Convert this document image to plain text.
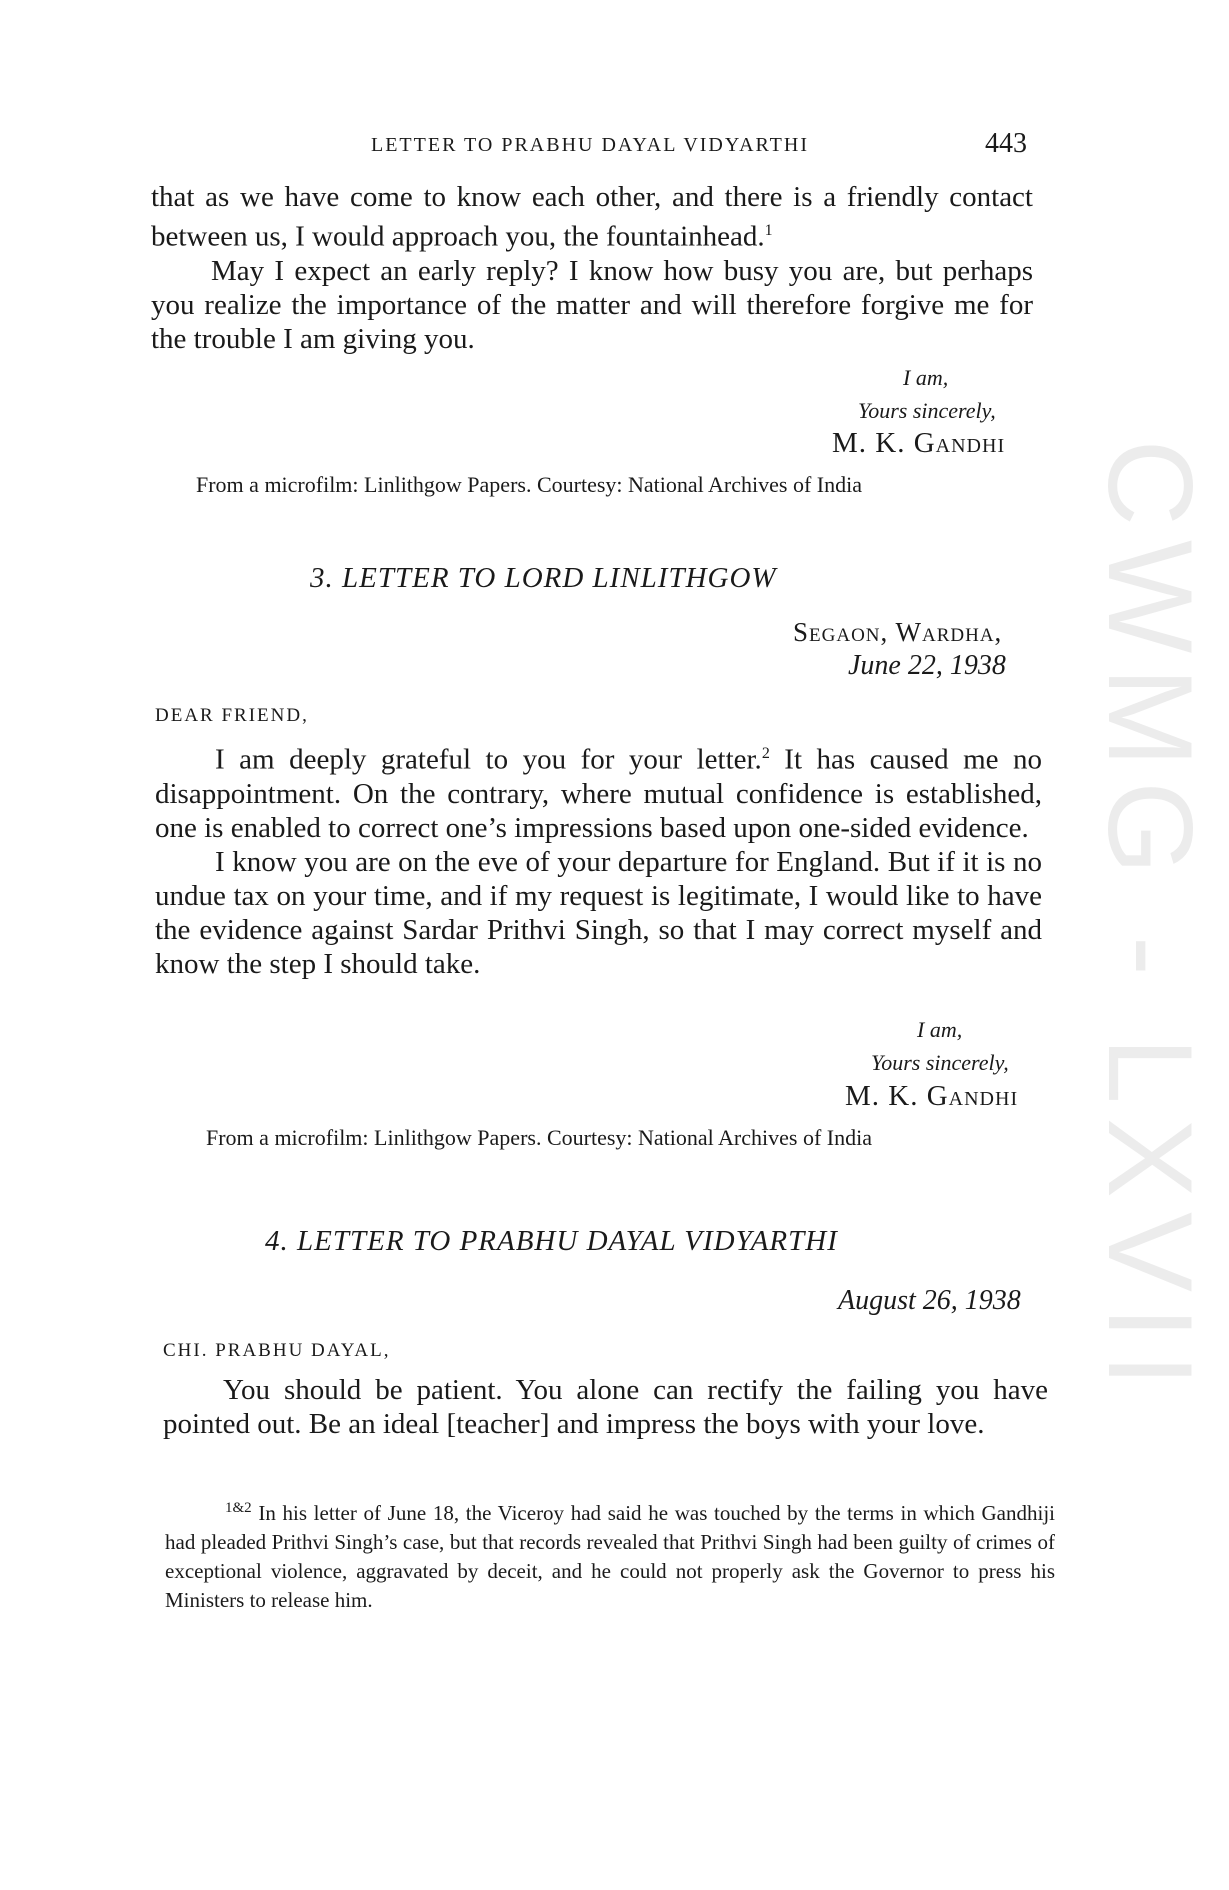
CWMG - LXVII
LETTER TO PRABHU DAYAL VIDYARTHI	443

that as we have come to know each other, and there is a friendly contact between us, I would approach you, the fountainhead.$^1$

May I expect an early reply? I know how busy you are, but perhaps you realize the importance of the matter and will therefore forgive me for the trouble I am giving you.

I am,
Yours sincerely,
M. K. Gandhi
From a microfilm: Linlithgow Papers. Courtesy: National Archives of India
3. LETTER TO LORD LINLITHGOW
Segaon, Wardha,
June 22, 1938
DEAR FRIEND,

I am deeply grateful to you for your letter.$^2$ It has caused me no disappointment. On the contrary, where mutual confidence is established, one is enabled to correct one’s impressions based upon one-sided evidence.

I know you are on the eve of your departure for England. But if it is no undue tax on your time, and if my request is legitimate, I would like to have the evidence against Sardar Prithvi Singh, so that I may correct myself and know the step I should take.

I am,
Yours sincerely,
M. K. Gandhi
From a microfilm: Linlithgow Papers. Courtesy: National Archives of India
4. LETTER TO PRABHU DAYAL VIDYARTHI
August 26, 1938
CHI. PRABHU DAYAL,

You should be patient. You alone can rectify the failing you have pointed out. Be an ideal [teacher] and impress the boys with your love.

$^{1\&2}$ In his letter of June 18, the Viceroy had said he was touched by the terms in which Gandhiji had pleaded Prithvi Singh’s case, but that records revealed that Prithvi Singh had been guilty of crimes of exceptional violence, aggravated by deceit, and he could not properly ask the Governor to press his Ministers to release him.
